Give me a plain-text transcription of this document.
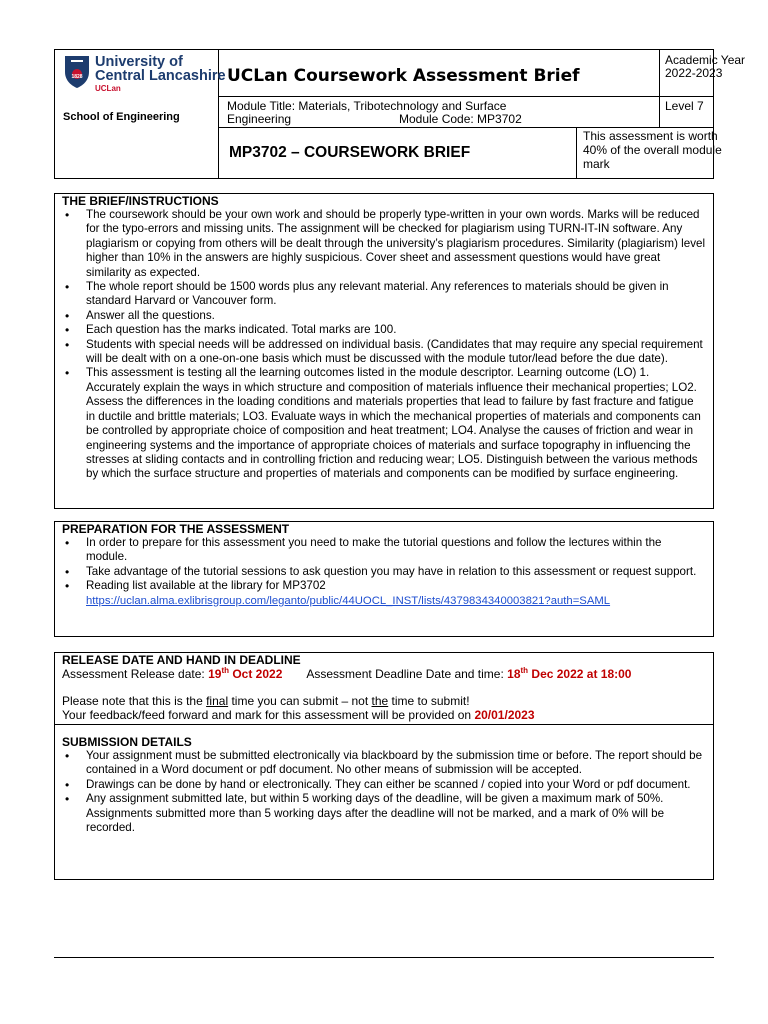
1828
University of
Central Lancashire
UCLan
School of Engineering
UCLan Coursework Assessment Brief
Academic Year
2022-2023
Module Title: Materials, Tribotechnology and Surface
Engineering	Module Code: MP3702
Level 7
MP3702 – COURSEWORK BRIEF
This assessment is worth
40% of the overall module
mark
THE BRIEF/INSTRUCTIONS
• The coursework should be your own work and should be properly type-written in your own words. Marks will be reduced for the typo-errors and missing units. The assignment will be checked for plagiarism using TURN-IT-IN software. Any plagiarism or copying from others will be dealt through the university’s plagiarism procedures. Similarity (plagiarism) level higher than 10% in the answers are highly suspicious. Cover sheet and assessment questions would have great similarity as expected.
• The whole report should be 1500 words plus any relevant material. Any references to materials should be given in standard Harvard or Vancouver form.
• Answer all the questions.
• Each question has the marks indicated. Total marks are 100.
• Students with special needs will be addressed on individual basis. (Candidates that may require any special requirement will be dealt with on a one-on-one basis which must be discussed with the module tutor/lead before the due date).
• This assessment is testing all the learning outcomes listed in the module descriptor. Learning outcome (LO) 1. Accurately explain the ways in which structure and composition of materials influence their mechanical properties; LO2. Assess the differences in the loading conditions and materials properties that lead to failure by fast fracture and fatigue in ductile and brittle materials; LO3. Evaluate ways in which the mechanical properties of materials and components can be controlled by appropriate choice of composition and heat treatment; LO4. Analyse the causes of friction and wear in engineering systems and the importance of appropriate choices of materials and surface topography in influencing the stresses at sliding contacts and in controlling friction and reducing wear; LO5. Distinguish between the various methods by which the surface structure and properties of materials and components can be modified by surface engineering.
PREPARATION FOR THE ASSESSMENT
• In order to prepare for this assessment you need to make the tutorial questions and follow the lectures within the module.
• Take advantage of the tutorial sessions to ask question you may have in relation to this assessment or request support.
• Reading list available at the library for MP3702
https://uclan.alma.exlibrisgroup.com/leganto/public/44UOCL_INST/lists/4379834340003821?auth=SAML
RELEASE DATE AND HAND IN DEADLINE
Assessment Release date: 19th Oct 2022 Assessment Deadline Date and time: 18th Dec 2022 at 18:00
Please note that this is the final time you can submit – not the time to submit!
Your feedback/feed forward and mark for this assessment will be provided on 20/01/2023
SUBMISSION DETAILS
• Your assignment must be submitted electronically via blackboard by the submission time or before. The report should be contained in a Word document or pdf document. No other means of submission will be accepted.
• Drawings can be done by hand or electronically. They can either be scanned / copied into your Word or pdf document.
• Any assignment submitted late, but within 5 working days of the deadline, will be given a maximum mark of 50%. Assignments submitted more than 5 working days after the deadline will not be marked, and a mark of 0% will be recorded.
